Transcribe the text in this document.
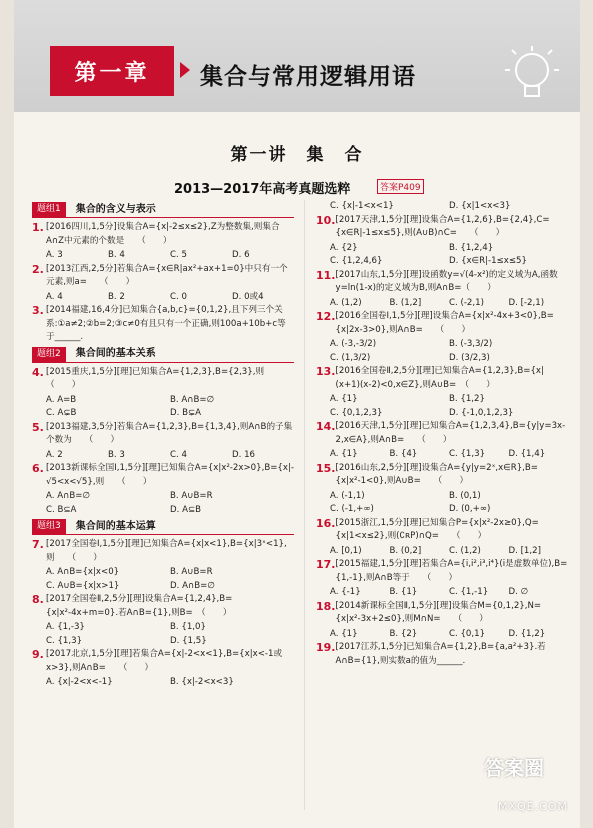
第一章	集合与常用逻辑用语
第一讲　集　合
2013—2017年高考真题选粹	答案P409
题组1	集合的含义与表示
1. [2016四川,1,5分]设集合A={x|-2≤x≤2},Z为整数集,则集合A∩Z中元素的个数是　　（　　）
A. 3	B. 4	C. 5	D. 6
2. [2013江西,2,5分]若集合A={x∈R|ax²+ax+1=0}中只有一个元素,则a=　　（　　）
A. 4	B. 2	C. 0	D. 0或4
3. [2014福建,16,4分]已知集合{a,b,c}={0,1,2},且下列三个关系:①a≠2;②b=2;③c≠0有且只有一个正确,则100a+10b+c等于______.
题组2	集合间的基本关系
4. [2015重庆,1,5分][理]已知集合A={1,2,3},B={2,3},则　　（　　）
A. A=B	B. A∩B=∅
C. A⊊B	D. B⊊A
5. [2013福建,3,5分]若集合A={1,2,3},B={1,3,4},则A∩B的子集个数为　　（　　）
A. 2	B. 3	C. 4	D. 16
6. [2013新课标全国Ⅰ,1,5分][理]已知集合A={x|x²-2x>0},B={x|-√5<x<√5},则　　（　　）
A. A∩B=∅	B. A∪B=R
C. B⊆A	D. A⊆B
题组3	集合间的基本运算
7. [2017全国卷Ⅰ,1,5分][理]已知集合A={x|x<1},B={x|3ˣ<1},则　　（　　）
A. A∩B={x|x<0}	B. A∪B=R
C. A∪B={x|x>1}	D. A∩B=∅
8. [2017全国卷Ⅱ,2,5分][理]设集合A={1,2,4},B={x|x²-4x+m=0}.若A∩B={1},则B=　（　　）
A. {1,-3}	B. {1,0}
C. {1,3}	D. {1,5}
9. [2017北京,1,5分][理]若集合A={x|-2<x<1},B={x|x<-1或x>3},则A∩B=　　（　　）
A. {x|-2<x<-1}	B. {x|-2<x<3}
C. {x|-1<x<1}	D. {x|1<x<3}
10. [2017天津,1,5分][理]设集合A={1,2,6},B={2,4},C={x∈R|-1≤x≤5},则(A∪B)∩C=　　（　　）
A. {2}	B. {1,2,4}
C. {1,2,4,6}	D. {x∈R|-1≤x≤5}
11. [2017山东,1,5分][理]设函数y=√(4-x²)的定义域为A,函数y=ln(1-x)的定义域为B,则A∩B=（　　）
A. (1,2)	B. (1,2]	C. (-2,1)	D. [-2,1)
12. [2016全国卷Ⅰ,1,5分][理]设集合A={x|x²-4x+3<0},B={x|2x-3>0},则A∩B=　　（　　）
A. (-3,-3/2)	B. (-3,3/2)
C. (1,3/2)	D. (3/2,3)
13. [2016全国卷Ⅱ,2,5分][理]已知集合A={1,2,3},B={x|(x+1)(x-2)<0,x∈Z},则A∪B=　（　　）
A. {1}	B. {1,2}
C. {0,1,2,3}	D. {-1,0,1,2,3}
14. [2016天津,1,5分][理]已知集合A={1,2,3,4},B={y|y=3x-2,x∈A},则A∩B=　　（　　）
A. {1}	B. {4}	C. {1,3}	D. {1,4}
15. [2016山东,2,5分][理]设集合A={y|y=2ˣ,x∈R},B={x|x²-1<0},则A∪B=　　（　　）
A. (-1,1)	B. (0,1)
C. (-1,+∞)	D. (0,+∞)
16. [2015浙江,1,5分][理]已知集合P={x|x²-2x≥0},Q={x|1<x≤2},则(∁ʀP)∩Q=　　（　　）
A. [0,1)	B. (0,2]	C. (1,2)	D. [1,2]
17. [2015福建,1,5分][理]若集合A={i,i²,i³,i⁴}(i是虚数单位),B={1,-1},则A∩B等于　　（　　）
A. {-1}	B. {1}	C. {1,-1}	D. ∅
18. [2014新课标全国Ⅱ,1,5分][理]设集合M={0,1,2},N={x|x²-3x+2≤0},则M∩N=　　（　　）
A. {1}	B. {2}	C. {0,1}	D. {1,2}
19. [2017江苏,1,5分]已知集合A={1,2},B={a,a²+3}.若A∩B={1},则实数a的值为______.
答案圈
MXQE.COM
